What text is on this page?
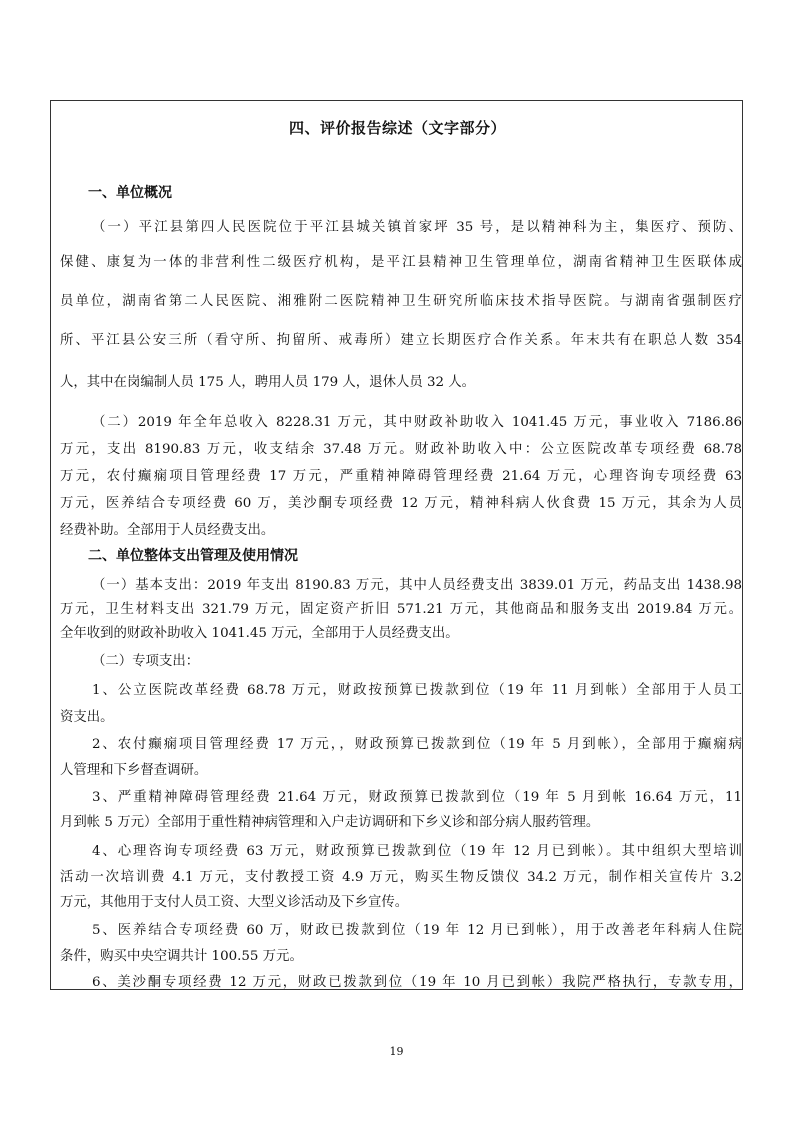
四、评价报告综述（文字部分）

一、单位概况

（一）平江县第四人民医院位于平江县城关镇首家坪 35 号，是以精神科为主，集医疗、预防、

保健、康复为一体的非营利性二级医疗机构，是平江县精神卫生管理单位，湖南省精神卫生医联体成

员单位，湖南省第二人民医院、湘雅附二医院精神卫生研究所临床技术指导医院。与湖南省强制医疗

所、平江县公安三所（看守所、拘留所、戒毒所）建立长期医疗合作关系。年末共有在职总人数 354

人，其中在岗编制人员 175 人，聘用人员 179 人，退休人员 32 人。

（二）2019 年全年总收入 8228.31 万元，其中财政补助收入 1041.45 万元，事业收入 7186.86

万元，支出 8190.83 万元，收支结余 37.48 万元。财政补助收入中：公立医院改革专项经费 68.78

万元，农付癫痫项目管理经费 17 万元，严重精神障碍管理经费 21.64 万元，心理咨询专项经费 63

万元，医养结合专项经费 60 万，美沙酮专项经费 12 万元，精神科病人伙食费 15 万元，其余为人员

经费补助。全部用于人员经费支出。

二、单位整体支出管理及使用情况

（一）基本支出：2019 年支出 8190.83 万元，其中人员经费支出 3839.01 万元，药品支出 1438.98

万元，卫生材料支出 321.79 万元，固定资产折旧 571.21 万元，其他商品和服务支出 2019.84 万元。

全年收到的财政补助收入 1041.45 万元，全部用于人员经费支出。

（二）专项支出：

1、公立医院改革经费 68.78 万元，财政按预算已拨款到位（19 年 11 月到帐）全部用于人员工

资支出。

2、农付癫痫项目管理经费 17 万元，，财政预算已拨款到位（19 年 5 月到帐），全部用于癫痫病

人管理和下乡督查调研。

3、严重精神障碍管理经费 21.64 万元，财政预算已拨款到位（19 年 5 月到帐 16.64 万元，11

月到帐 5 万元）全部用于重性精神病管理和入户走访调研和下乡义诊和部分病人服药管理。

4、心理咨询专项经费 63 万元，财政预算已拨款到位（19 年 12 月已到帐）。其中组织大型培训

活动一次培训费 4.1 万元，支付教授工资 4.9 万元，购买生物反馈仪 34.2 万元，制作相关宣传片 3.2

万元，其他用于支付人员工资、大型义诊活动及下乡宣传。

5、医养结合专项经费 60 万，财政已拨款到位（19 年 12 月已到帐），用于改善老年科病人住院

条件，购买中央空调共计 100.55 万元。

6、美沙酮专项经费 12 万元，财政已拨款到位（19 年 10 月已到帐）我院严格执行，专款专用，

19
